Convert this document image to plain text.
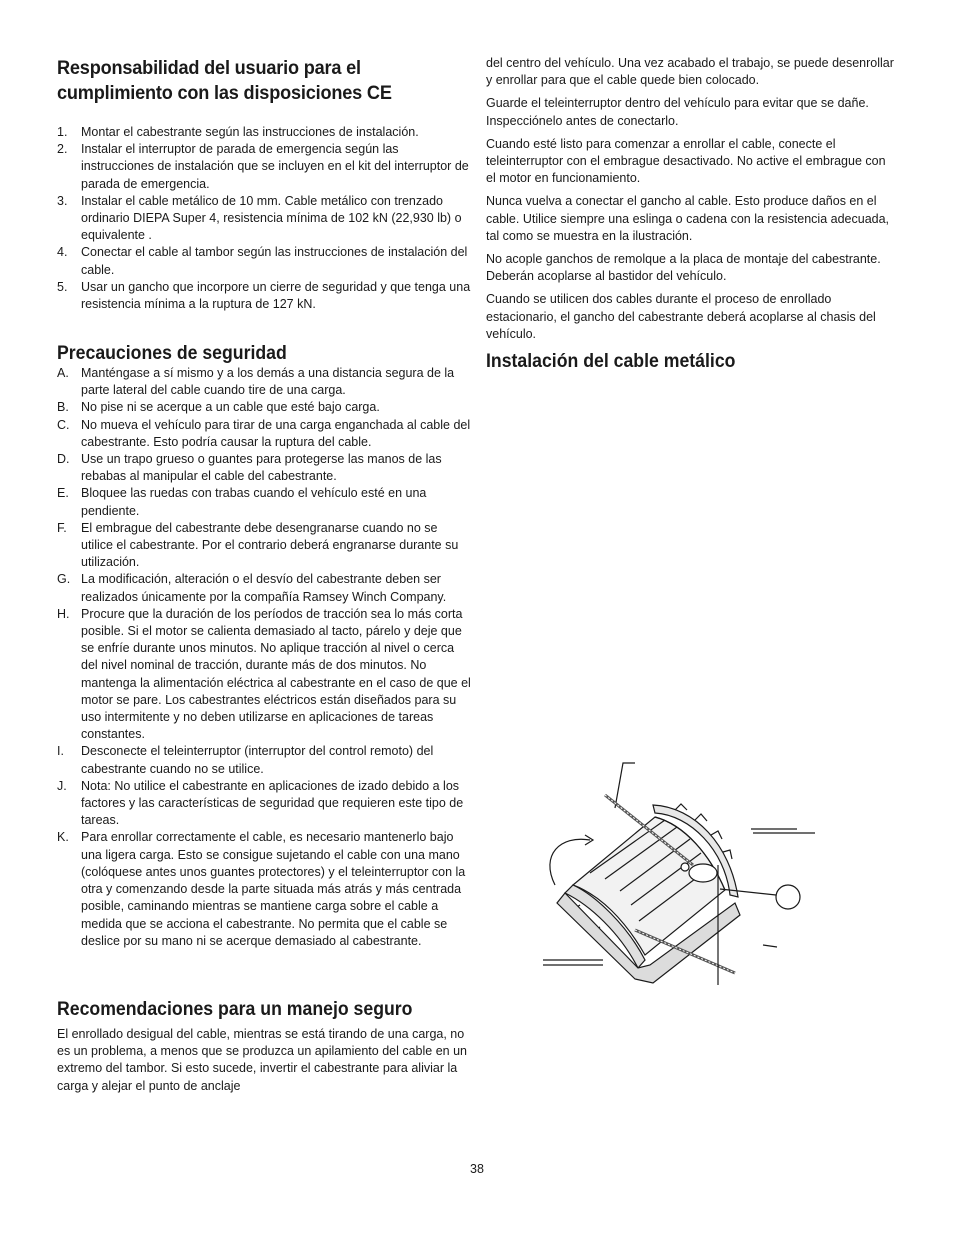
Responsabilidad del usuario para el cumplimiento con las disposiciones CE
1. Montar el cabestrante según las instrucciones de instalación.
2. Instalar el interruptor de parada de emergencia según las instrucciones de instalación que se incluyen en el kit del interruptor de parada de emergencia.
3. Instalar el cable metálico de 10 mm. Cable metálico con trenzado ordinario DIEPA Super 4, resistencia mínima de 102 kN (22,930 lb) o equivalente .
4. Conectar el cable al tambor según las instrucciones de instalación del cable.
5. Usar un gancho que incorpore un cierre de seguridad y que tenga una resistencia mínima a la ruptura de 127 kN.
Precauciones de seguridad
A. Manténgase a sí mismo y a los demás a una distancia segura de la parte lateral del cable cuando tire de una carga.
B. No pise ni se acerque a un cable que esté bajo carga.
C. No mueva el vehículo para tirar de una carga enganchada al cable del cabestrante. Esto podría causar la ruptura del cable.
D. Use un trapo grueso o guantes para protegerse las manos de las rebabas al manipular el cable del cabestrante.
E. Bloquee las ruedas con trabas cuando el vehículo esté en una pendiente.
F. El embrague del cabestrante debe desengranarse cuando no se utilice el cabestrante. Por el contrario deberá engranarse durante su utilización.
G. La modificación, alteración o el desvío del cabestrante deben ser realizados únicamente por la compañía Ramsey Winch Company.
H. Procure que la duración de los períodos de tracción sea lo más corta posible. Si el motor se calienta demasiado al tacto, párelo y deje que se enfríe durante unos minutos. No aplique tracción al nivel o cerca del nivel nominal de tracción, durante más de dos minutos. No mantenga la alimentación eléctrica al cabestrante en el caso de que el motor se pare. Los cabestrantes eléctricos están diseñados para su uso intermitente y no deben utilizarse en aplicaciones de tareas constantes.
I. Desconecte el teleinterruptor (interruptor del control remoto) del cabestrante cuando no se utilice.
J. Nota: No utilice el cabestrante en aplicaciones de izado debido a los factores y las características de seguridad que requieren este tipo de tareas.
K. Para enrollar correctamente el cable, es necesario mantenerlo bajo una ligera carga. Esto se consigue sujetando el cable con una mano (colóquese antes unos guantes protectores) y el teleinterruptor con la otra y comenzando desde la parte situada más atrás y más centrada posible, caminando mientras se mantiene carga sobre el cable a medida que se acciona el cabestrante. No permita que el cable se deslice por su mano ni se acerque demasiado al cabestrante.
Recomendaciones para un manejo seguro
El enrollado desigual del cable, mientras se está tirando de una carga, no es un problema, a menos que se produzca un apilamiento del cable en un extremo del tambor. Si esto sucede, invertir el cabestrante para aliviar la carga y alejar el punto de anclaje

del centro del vehículo. Una vez acabado el trabajo, se puede desenrollar y enrollar para que el cable quede bien colocado.

Guarde el teleinterruptor dentro del vehículo para evitar que se dañe. Inspecciónelo antes de conectarlo.

Cuando esté listo para comenzar a enrollar el cable, conecte el teleinterruptor con el embrague desactivado. No active el embrague con el motor en funcionamiento.

Nunca vuelva a conectar el gancho al cable. Esto produce daños en el cable. Utilice siempre una eslinga o cadena con la resistencia adecuada, tal como se muestra en la ilustración.

No acople ganchos de remolque a la placa de montaje del cabestrante. Deberán acoplarse al bastidor del vehículo.

Cuando se utilicen dos cables durante el proceso de enrollado estacionario, el gancho del cabestrante deberá acoplarse al chasis del vehículo.

Instalación del cable metálico
38
